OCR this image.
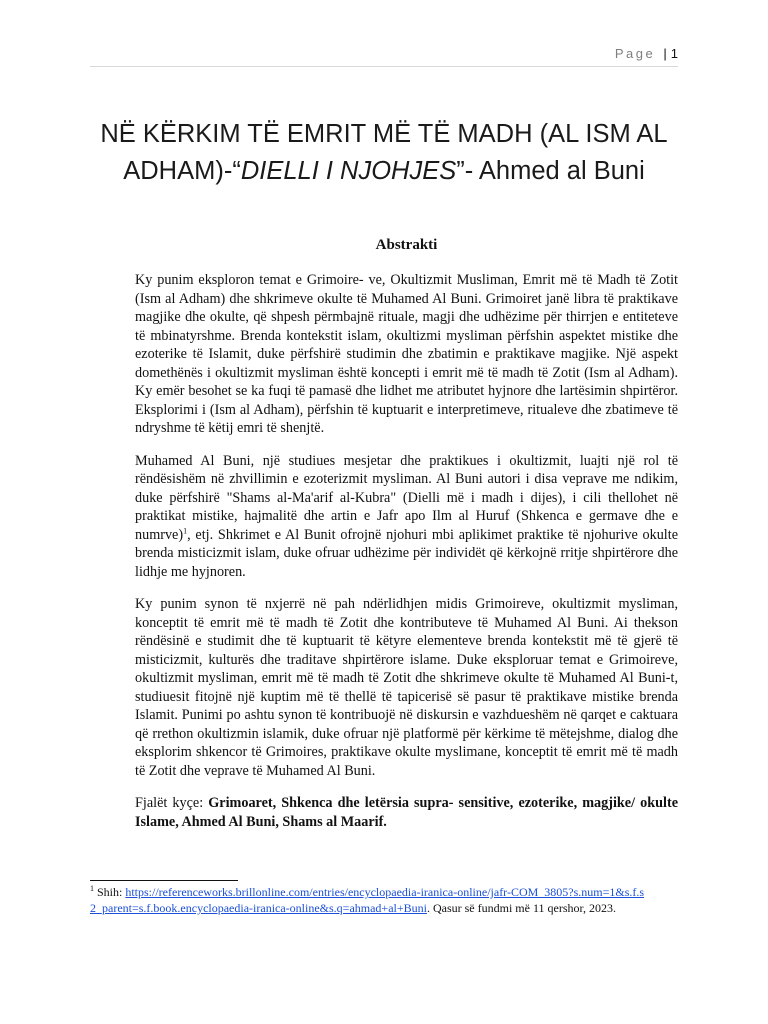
Page | 1
NË KËRKIM TË EMRIT MË TË MADH (AL ISM AL
ADHAM)-“DIELLI I NJOHJES”- Ahmed al Buni
Abstrakti

Ky punim eksploron temat e Grimoire- ve, Okultizmit Musliman, Emrit më të Madh të Zotit (Ism al Adham) dhe shkrimeve okulte të Muhamed Al Buni. Grimoiret janë libra të praktikave magjike dhe okulte, që shpesh përmbajnë rituale, magji dhe udhëzime për thirrjen e entiteteve të mbinatyrshme. Brenda kontekstit islam, okultizmi mysliman përfshin aspektet mistike dhe ezoterike të Islamit, duke përfshirë studimin dhe zbatimin e praktikave magjike. Një aspekt domethënës i okultizmit mysliman është koncepti i emrit më të madh të Zotit (Ism al Adham). Ky emër besohet se ka fuqi të pamasë dhe lidhet me atributet hyjnore dhe lartësimin shpirtëror. Eksplorimi i (Ism al Adham), përfshin të kuptuarit e interpretimeve, ritualeve dhe zbatimeve të ndryshme të këtij emri të shenjtë.

Muhamed Al Buni, një studiues mesjetar dhe praktikues i okultizmit, luajti një rol të rëndësishëm në zhvillimin e ezoterizmit mysliman. Al Buni autori i disa veprave me ndikim, duke përfshirë "Shams al-Ma'arif al-Kubra" (Dielli më i madh i dijes), i cili thellohet në praktikat mistike, hajmalitë dhe artin e Jafr apo Ilm al Huruf (Shkenca e germave dhe e numrve)$^1$, etj. Shkrimet e Al Bunit ofrojnë njohuri mbi aplikimet praktike të njohurive okulte brenda misticizmit islam, duke ofruar udhëzime për individët që kërkojnë rritje shpirtërore dhe lidhje me hyjnoren.

Ky punim synon të nxjerrë në pah ndërlidhjen midis Grimoireve, okultizmit mysliman, konceptit të emrit më të madh të Zotit dhe kontributeve të Muhamed Al Buni. Ai thekson rëndësinë e studimit dhe të kuptuarit të këtyre elementeve brenda kontekstit më të gjerë të misticizmit, kulturës dhe traditave shpirtërore islame. Duke eksploruar temat e Grimoireve, okultizmit mysliman, emrit më të madh të Zotit dhe shkrimeve okulte të Muhamed Al Buni-t, studiuesit fitojnë një kuptim më të thellë të tapicerisë së pasur të praktikave mistike brenda Islamit. Punimi po ashtu synon të kontribuojë në diskursin e vazhdueshëm në qarqet e caktuara që rrethon okultizmin islamik, duke ofruar një platformë për kërkime të mëtejshme, dialog dhe eksplorim shkencor të Grimoires, praktikave okulte myslimane, konceptit të emrit më të madh të Zotit dhe veprave të Muhamed Al Buni.

Fjalët kyçe: Grimoaret, Shkenca dhe letërsia supra- sensitive, ezoterike, magjike/ okulte Islame, Ahmed Al Buni, Shams al Maarif.

$^1$ Shih: https://referenceworks.brillonline.com/entries/encyclopaedia-iranica-online/jafr-COM_3805?s.num=1&s.f.s2_parent=s.f.book.encyclopaedia-iranica-online&s.q=ahmad+al+Buni. Qasur së fundmi më 11 qershor, 2023.
